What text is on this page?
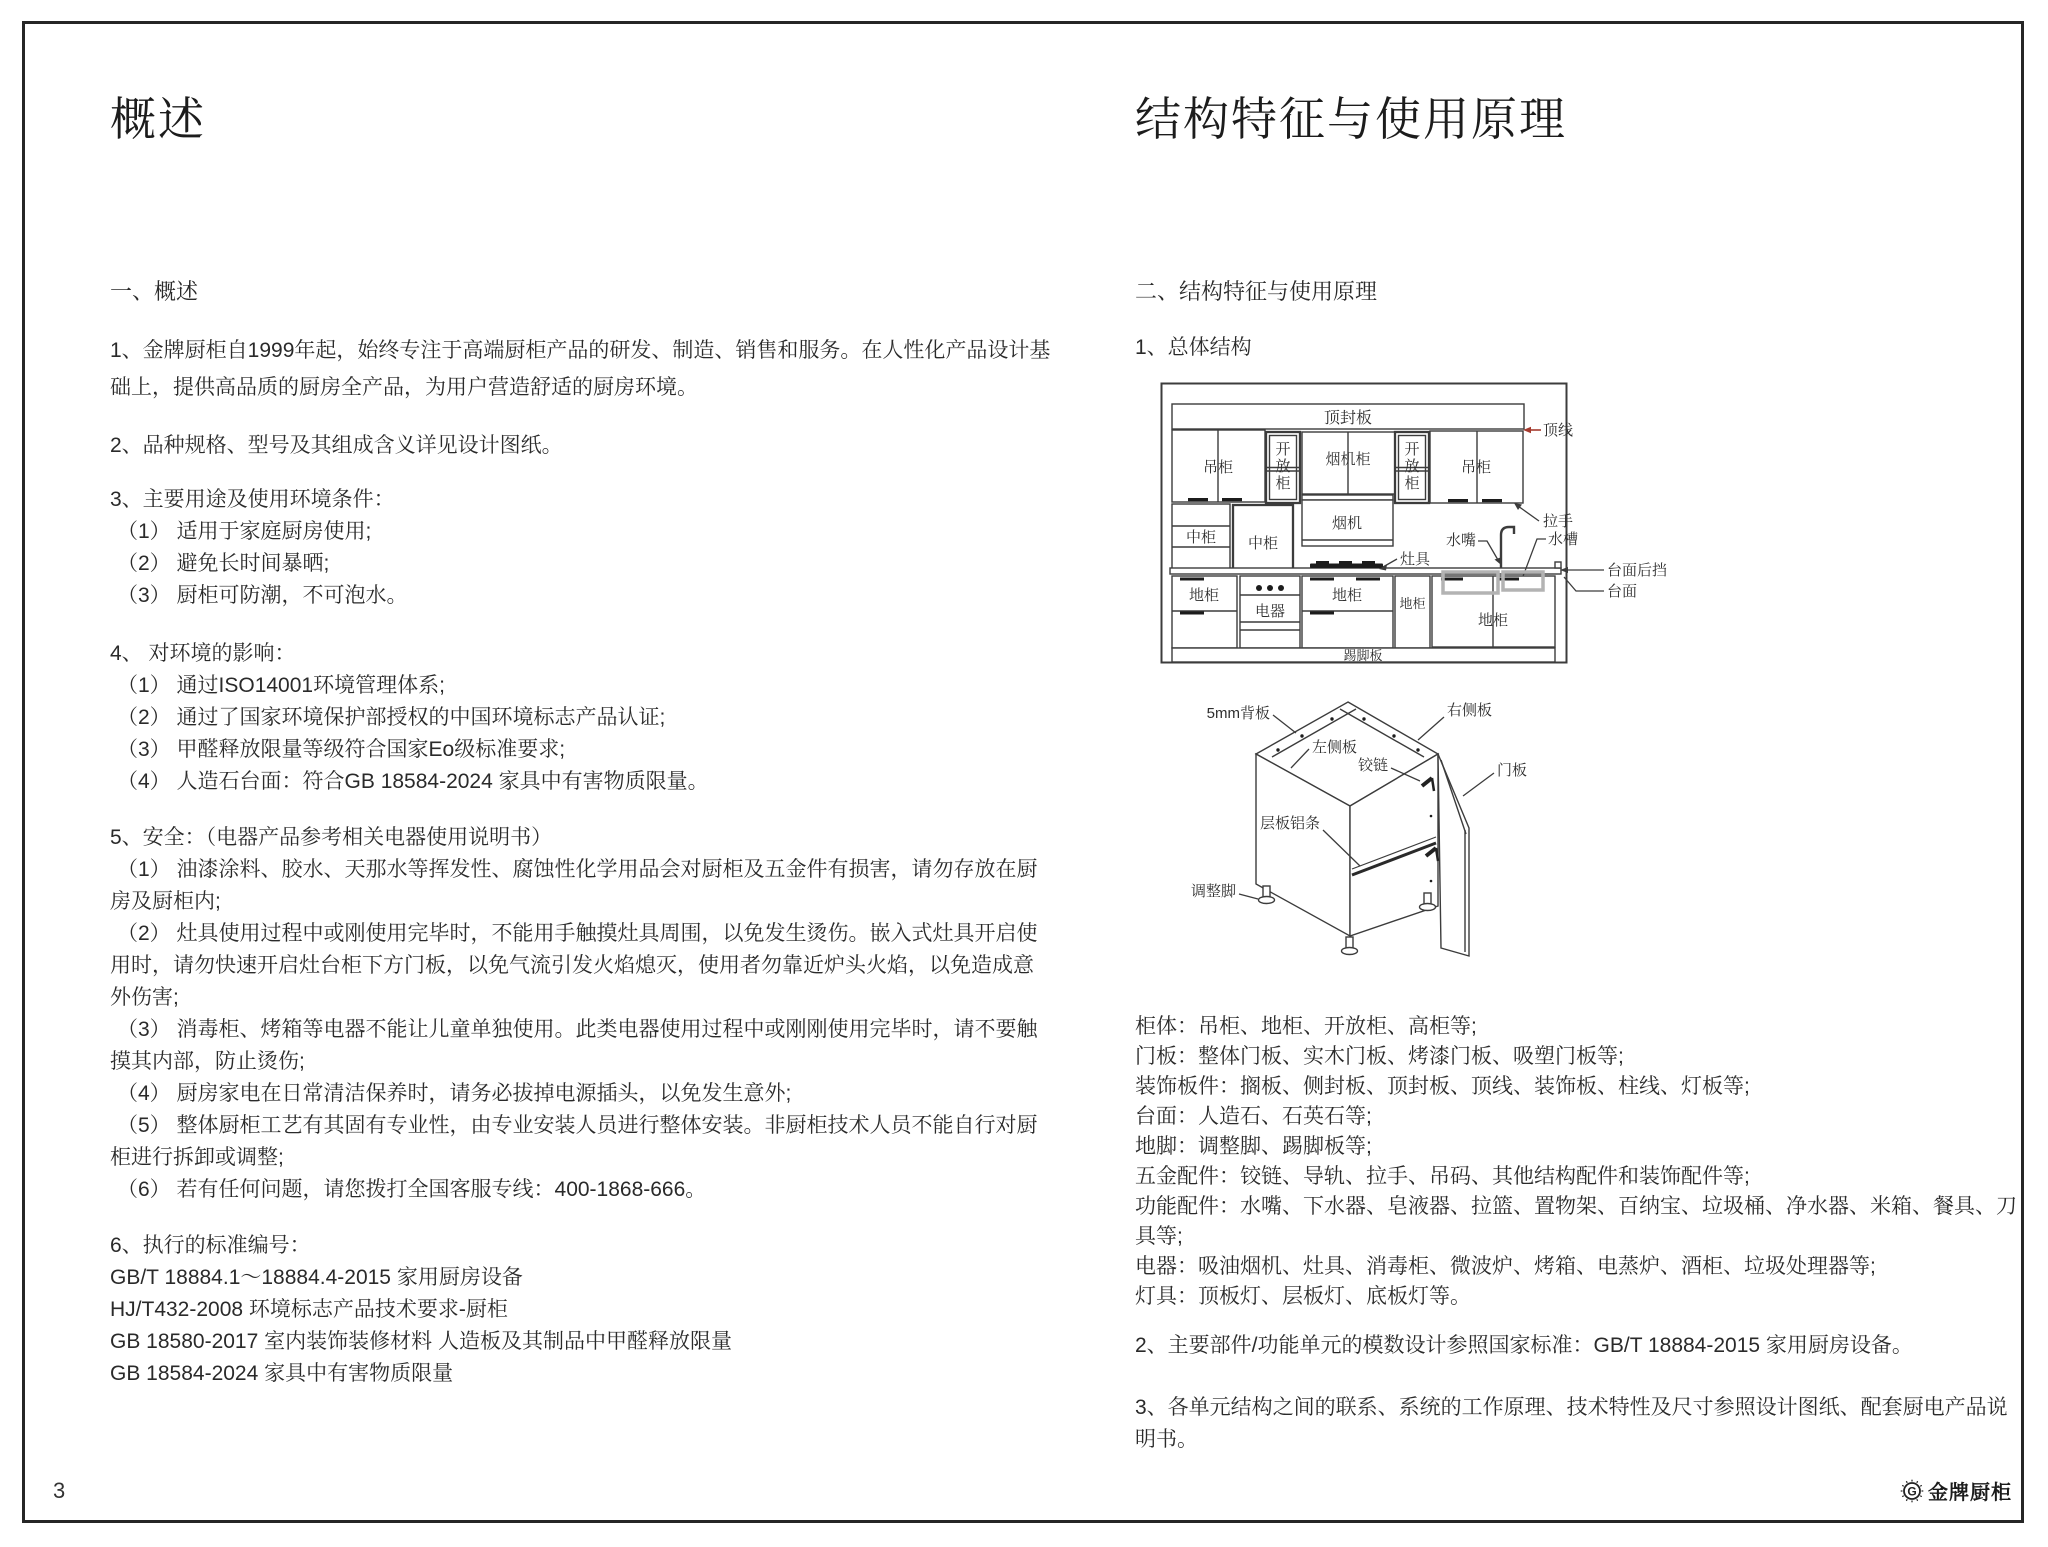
概述
一、概述

1、金牌厨柜自1999年起，始终专注于高端厨柜产品的研发、制造、销售和服务。在人性化产品设计基础上，提供高品质的厨房全产品，为用户营造舒适的厨房环境。

2、品种规格、型号及其组成含义详见设计图纸。

3、主要用途及使用环境条件：
（1） 适用于家庭厨房使用;
（2） 避免长时间暴晒;
（3） 厨柜可防潮，不可泡水。
4、 对环境的影响：
（1） 通过ISO14001环境管理体系;
（2） 通过了国家环境保护部授权的中国环境标志产品认证;
（3） 甲醛释放限量等级符合国家Eo级标准要求;
（4） 人造石台面：符合GB 18584-2024 家具中有害物质限量。
5、安全：（电器产品参考相关电器使用说明书）
（1） 油漆涂料、胶水、天那水等挥发性、腐蚀性化学用品会对厨柜及五金件有损害，请勿存放在厨房及厨柜内;
（2） 灶具使用过程中或刚使用完毕时，不能用手触摸灶具周围，以免发生烫伤。嵌入式灶具开启使用时，请勿快速开启灶台柜下方门板，以免气流引发火焰熄灭，使用者勿靠近炉头火焰，以免造成意外伤害;
（3） 消毒柜、烤箱等电器不能让儿童单独使用。此类电器使用过程中或刚刚使用完毕时，请不要触摸其内部，防止烫伤;
（4） 厨房家电在日常清洁保养时，请务必拔掉电源插头，以免发生意外;
（5） 整体厨柜工艺有其固有专业性，由专业安装人员进行整体安装。非厨柜技术人员不能自行对厨柜进行拆卸或调整;
（6） 若有任何问题，请您拨打全国客服专线：400-1868-666。
6、执行的标准编号：
GB/T 18884.1～18884.4-2015 家用厨房设备
HJ/T432-2008 环境标志产品技术要求-厨柜
GB 18580-2017 室内装饰装修材料 人造板及其制品中甲醛释放限量
GB 18584-2024 家具中有害物质限量
结构特征与使用原理
二、结构特征与使用原理
1、总体结构
顶封板
吊柜
开
放
柜
烟机柜
烟机
开
放
柜
吊柜
顶线
拉手
中柜 中柜
灶具
水嘴	水槽
台面后挡
台面
地柜
电器
地柜	地柜
地柜
踢脚板
5mm背板	右侧板
左侧板
铰链	门板
层板铝条
调整脚
柜体：吊柜、地柜、开放柜、高柜等;
门板：整体门板、实木门板、烤漆门板、吸塑门板等;
装饰板件：搁板、侧封板、顶封板、顶线、装饰板、柱线、灯板等;
台面：人造石、石英石等;
地脚：调整脚、踢脚板等;
五金配件：铰链、导轨、拉手、吊码、其他结构配件和装饰配件等;
功能配件：水嘴、下水器、皂液器、拉篮、置物架、百纳宝、垃圾桶、净水器、米箱、餐具、刀具等;
电器：吸油烟机、灶具、消毒柜、微波炉、烤箱、电蒸炉、酒柜、垃圾处理器等;
灯具：顶板灯、层板灯、底板灯等。
2、主要部件/功能单元的模数设计参照国家标准：GB/T 18884-2015 家用厨房设备。
3、各单元结构之间的联系、系统的工作原理、技术特性及尺寸参照设计图纸、配套厨电产品说明书。
3	G 金牌厨柜
